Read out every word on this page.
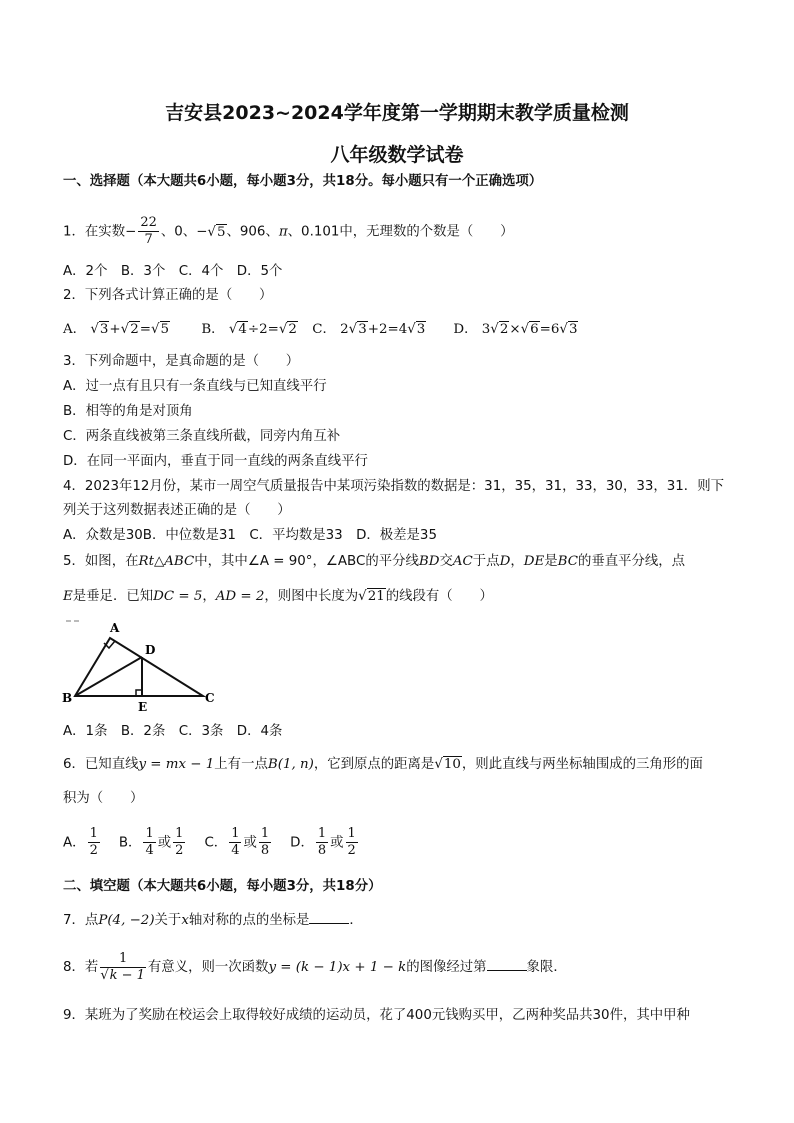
吉安县2023~2024学年度第一学期期末教学质量检测
八年级数学试卷
一、选择题（本大题共6小题，每小题3分，共18分。每小题只有一个正确选项）
1．在实数− $\frac{22}{7}$ 、0、−√5、906、π、0.101中，无理数的个数是（　　）
A．2个　B．3个　C．4个　D．5个
2．下列各式计算正确的是（　　）
A． √3+√2=√5 B． √4÷2=√2 C． 2√3+2=4√3 D． 3√2×√6=6√3
3．下列命题中，是真命题的是（　　）
A．过一点有且只有一条直线与已知直线平行
B．相等的角是对顶角
C．两条直线被第三条直线所截，同旁内角互补
D．在同一平面内，垂直于同一直线的两条直线平行
4．2023年12月份，某市一周空气质量报告中某项污染指数的数据是：31，35，31，33，30，33，31．则下
列关于这列数据表述正确的是（　　）
A．众数是30B．中位数是31　C．平均数是33　D．极差是35
5．如图，在Rt△ABC中，其中∠A = 90°，∠ABC的平分线BD交AC于点D，DE是BC的垂直平分线，点
E是垂足．已知DC = 5，AD = 2，则图中长度为√21的线段有（　　）
A
B	C
D
E
A．1条　B．2条　C．3条　D．4条
6．已知直线y = mx − 1上有一点B(1, n)，它到原点的距离是√10，则此直线与两坐标轴围成的三角形的面
积为（　　）
A． $\frac{1}{2}$ B． $\frac{1}{4}$ 或 $\frac{1}{2}$ C． $\frac{1}{4}$ 或 $\frac{1}{8}$ D． $\frac{1}{8}$ 或 $\frac{1}{2}$
二、填空题（本大题共6小题，每小题3分，共18分）
7．点P(4, −2)关于x轴对称的点的坐标是	．
8．若 $\frac{1}{√k - 1}$ 有意义，则一次函数y = (k − 1)x + 1 − k的图像经过第	象限．
9．某班为了奖励在校运会上取得较好成绩的运动员，花了400元钱购买甲，乙两种奖品共30件，其中甲种
